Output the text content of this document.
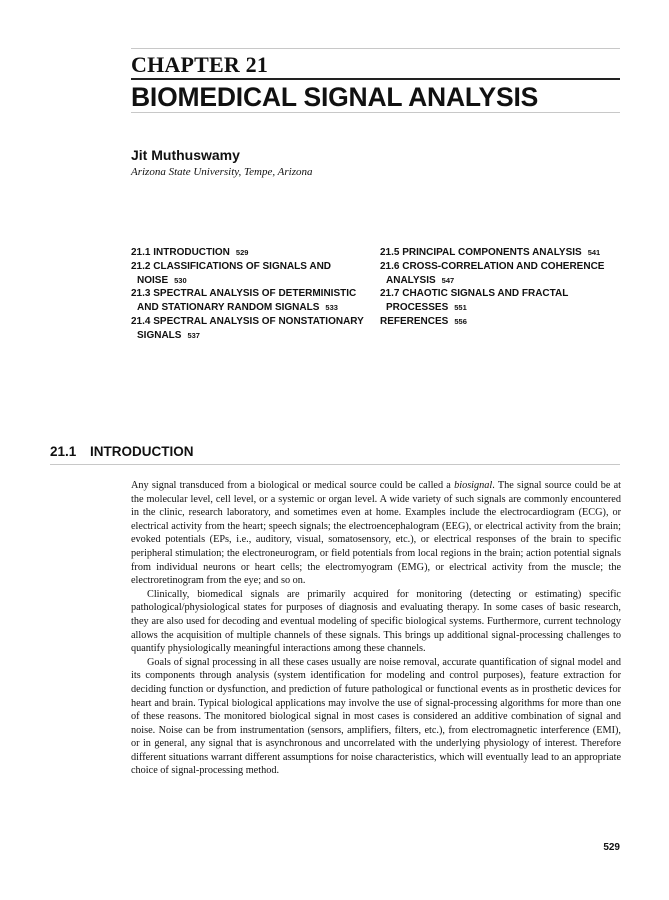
CHAPTER 21
BIOMEDICAL SIGNAL ANALYSIS

Jit Muthuswamy

Arizona State University, Tempe, Arizona

21.1 INTRODUCTION 529

21.2 CLASSIFICATIONS OF SIGNALS AND NOISE 530

21.3 SPECTRAL ANALYSIS OF DETERMINISTIC AND STATIONARY RANDOM SIGNALS 533

21.4 SPECTRAL ANALYSIS OF NONSTATIONARY SIGNALS 537

21.5 PRINCIPAL COMPONENTS ANALYSIS 541

21.6 CROSS-CORRELATION AND COHERENCE ANALYSIS 547

21.7 CHAOTIC SIGNALS AND FRACTAL PROCESSES 551

REFERENCES 556

21.1 INTRODUCTION

Any signal transduced from a biological or medical source could be called a biosignal. The signal source could be at the molecular level, cell level, or a systemic or organ level. A wide variety of such signals are commonly encountered in the clinic, research laboratory, and sometimes even at home. Examples include the electrocardiogram (ECG), or electrical activity from the heart; speech signals; the electroencephalogram (EEG), or electrical activity from the brain; evoked potentials (EPs, i.e., auditory, visual, somatosensory, etc.), or electrical responses of the brain to specific peripheral stimulation; the electroneurogram, or field potentials from local regions in the brain; action potential signals from individual neurons or heart cells; the electromyogram (EMG), or electrical activity from the muscle; the electroretinogram from the eye; and so on.

Clinically, biomedical signals are primarily acquired for monitoring (detecting or estimating) specific pathological/physiological states for purposes of diagnosis and evaluating therapy. In some cases of basic research, they are also used for decoding and eventual modeling of specific biological systems. Furthermore, current technology allows the acquisition of multiple channels of these signals. This brings up additional signal-processing challenges to quantify physiologically meaningful interactions among these channels.

Goals of signal processing in all these cases usually are noise removal, accurate quantification of signal model and its components through analysis (system identification for modeling and control purposes), feature extraction for deciding function or dysfunction, and prediction of future pathological or functional events as in prosthetic devices for heart and brain. Typical biological applications may involve the use of signal-processing algorithms for more than one of these reasons. The monitored biological signal in most cases is considered an additive combination of signal and noise. Noise can be from instrumentation (sensors, amplifiers, filters, etc.), from electromagnetic interference (EMI), or in general, any signal that is asynchronous and uncorrelated with the underlying physiology of interest. Therefore different situations warrant different assumptions for noise characteristics, which will eventually lead to an appropriate choice of signal-processing method.

529
